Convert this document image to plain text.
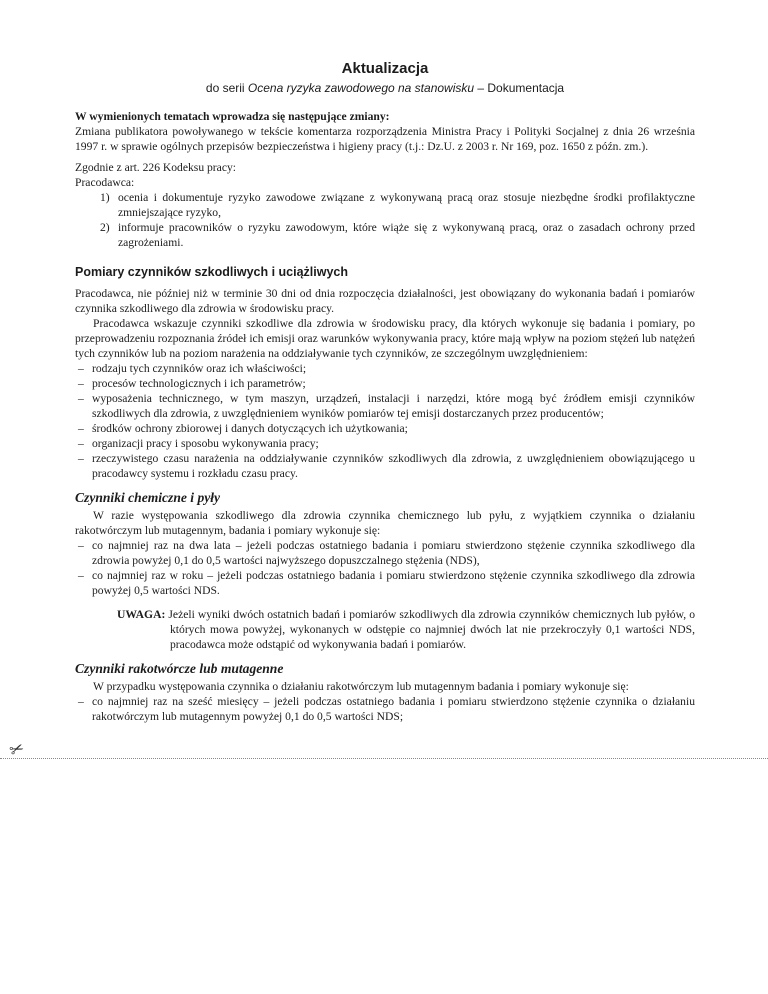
Aktualizacja
do serii Ocena ryzyka zawodowego na stanowisku – Dokumentacja

W wymienionych tematach wprowadza się następujące zmiany:

Zmiana publikatora powoływanego w tekście komentarza rozporządzenia Ministra Pracy i Polityki Socjalnej z dnia 26 września 1997 r. w sprawie ogólnych przepisów bezpieczeństwa i higieny pracy (t.j.: Dz.U. z 2003 r. Nr 169, poz. 1650 z późn. zm.).

Zgodnie z art. 226 Kodeksu pracy:

Pracodawca:

1) ocenia i dokumentuje ryzyko zawodowe związane z wykonywaną pracą oraz stosuje niezbędne środki profilaktyczne zmniejszające ryzyko,
2) informuje pracowników o ryzyku zawodowym, które wiąże się z wykonywaną pracą, oraz o zasadach ochrony przed zagrożeniami.
Pomiary czynników szkodliwych i uciążliwych

Pracodawca, nie później niż w terminie 30 dni od dnia rozpoczęcia działalności, jest obowiązany do wykonania badań i pomiarów czynnika szkodliwego dla zdrowia w środowisku pracy.

Pracodawca wskazuje czynniki szkodliwe dla zdrowia w środowisku pracy, dla których wykonuje się badania i pomiary, po przeprowadzeniu rozpoznania źródeł ich emisji oraz warunków wykonywania pracy, które mają wpływ na poziom stężeń lub natężeń tych czynników lub na poziom narażenia na oddziaływanie tych czynników, ze szczególnym uwzględnieniem:

– rodzaju tych czynników oraz ich właściwości;
– procesów technologicznych i ich parametrów;
– wyposażenia technicznego, w tym maszyn, urządzeń, instalacji i narzędzi, które mogą być źródłem emisji czynników szkodliwych dla zdrowia, z uwzględnieniem wyników pomiarów tej emisji dostarczanych przez producentów;
– środków ochrony zbiorowej i danych dotyczących ich użytkowania;
– organizacji pracy i sposobu wykonywania pracy;
– rzeczywistego czasu narażenia na oddziaływanie czynników szkodliwych dla zdrowia, z uwzględnieniem obowiązującego u pracodawcy systemu i rozkładu czasu pracy.
Czynniki chemiczne i pyły

W razie występowania szkodliwego dla zdrowia czynnika chemicznego lub pyłu, z wyjątkiem czynnika o działaniu rakotwórczym lub mutagennym, badania i pomiary wykonuje się:

– co najmniej raz na dwa lata – jeżeli podczas ostatniego badania i pomiaru stwierdzono stężenie czynnika szkodliwego dla zdrowia powyżej 0,1 do 0,5 wartości najwyższego dopuszczalnego stężenia (NDS),
– co najmniej raz w roku – jeżeli podczas ostatniego badania i pomiaru stwierdzono stężenie czynnika szkodliwego dla zdrowia powyżej 0,5 wartości NDS.
UWAGA: Jeżeli wyniki dwóch ostatnich badań i pomiarów szkodliwych dla zdrowia czynników chemicznych lub pyłów, o których mowa powyżej, wykonanych w odstępie co najmniej dwóch lat nie przekroczyły 0,1 wartości NDS, pracodawca może odstąpić od wykonywania badań i pomiarów.
Czynniki rakotwórcze lub mutagenne

W przypadku występowania czynnika o działaniu rakotwórczym lub mutagennym badania i pomiary wykonuje się:

– co najmniej raz na sześć miesięcy – jeżeli podczas ostatniego badania i pomiaru stwierdzono stężenie czynnika o działaniu rakotwórczym lub mutagennym powyżej 0,1 do 0,5 wartości NDS;
✂
